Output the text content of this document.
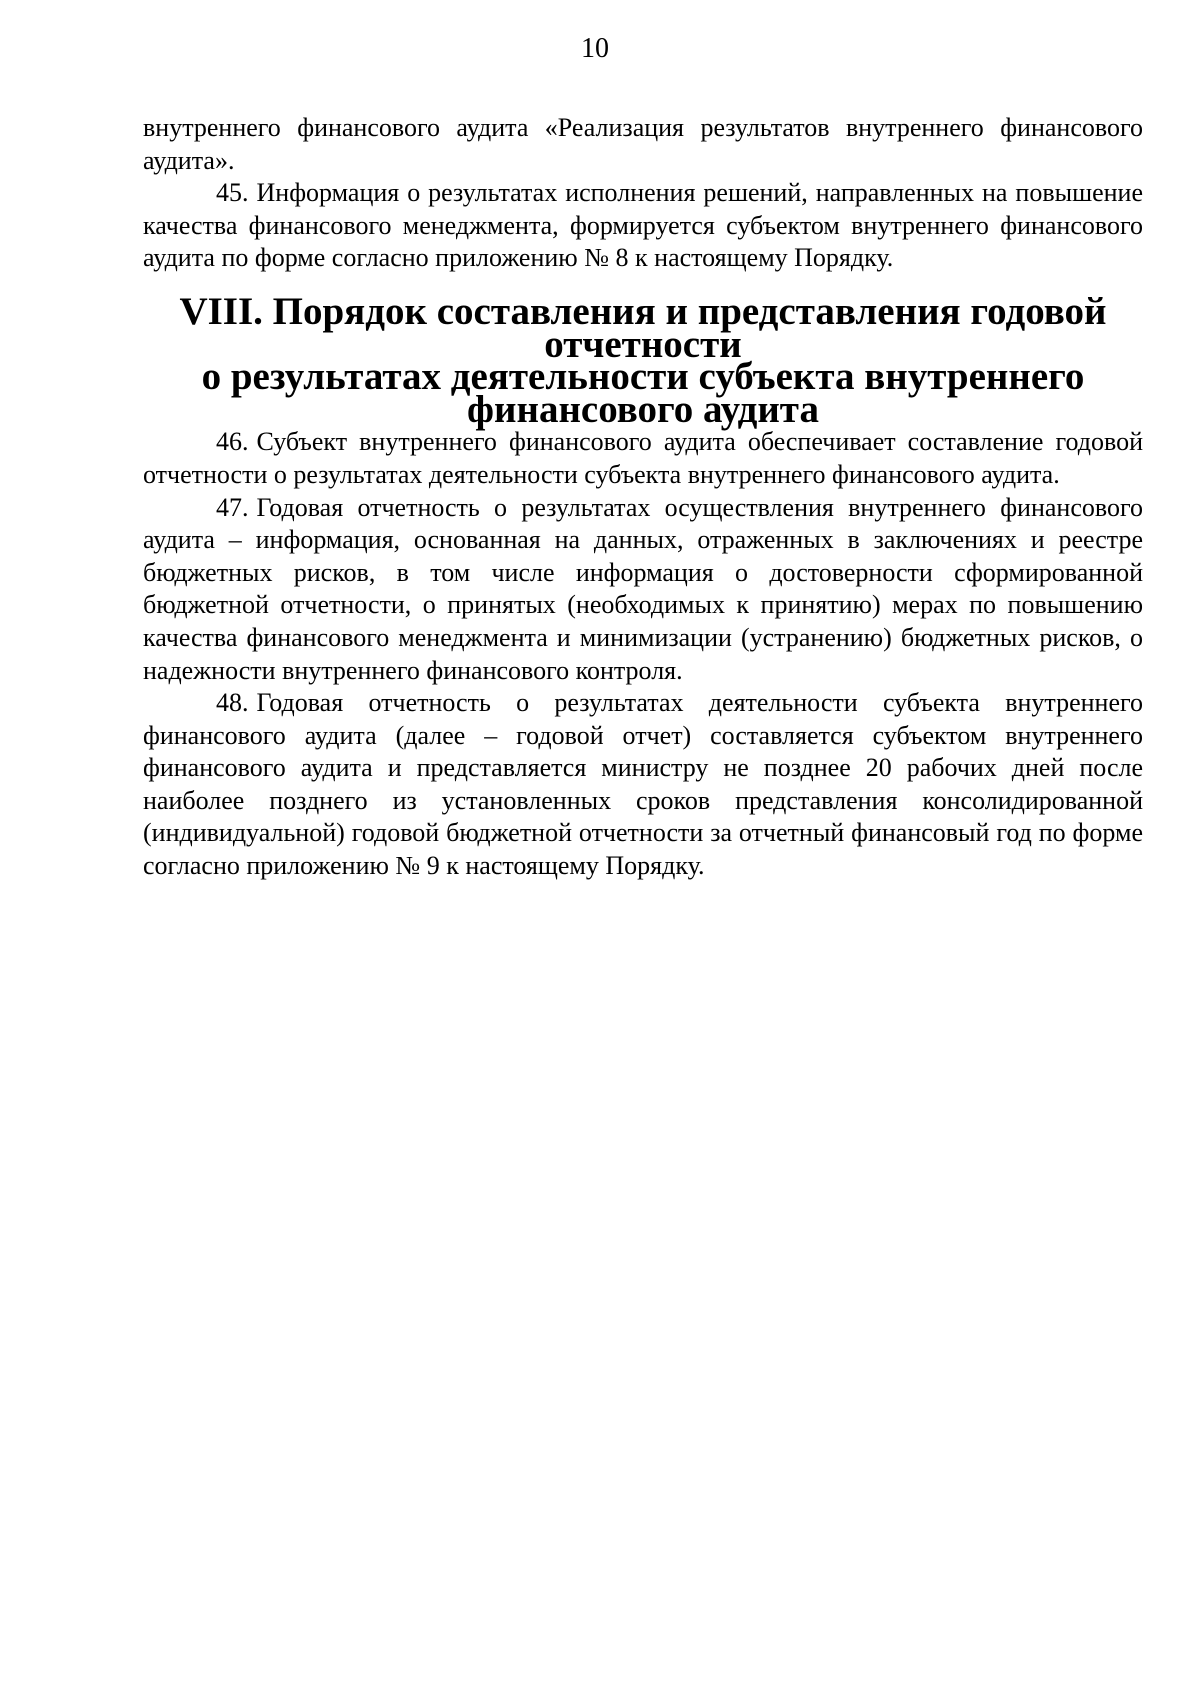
10

внутреннего финансового аудита «Реализация результатов внутреннего финансового аудита».

45. Информация о результатах исполнения решений, направленных на повышение качества финансового менеджмента, формируется субъектом внутреннего финансового аудита по форме согласно приложению № 8 к настоящему Порядку.

VIII. Порядок составления и представления годовой отчетности
о результатах деятельности субъекта внутреннего финансового аудита

46. Субъект внутреннего финансового аудита обеспечивает составление годовой отчетности о результатах деятельности субъекта внутреннего финансового аудита.

47. Годовая отчетность о результатах осуществления внутреннего финансового аудита – информация, основанная на данных, отраженных в заключениях и реестре бюджетных рисков, в том числе информация о достоверности сформированной бюджетной отчетности, о принятых (необходимых к принятию) мерах по повышению качества финансового менеджмента и минимизации (устранению) бюджетных рисков, о надежности внутреннего финансового контроля.

48. Годовая отчетность о результатах деятельности субъекта внутреннего финансового аудита (далее – годовой отчет) составляется субъектом внутреннего финансового аудита и представляется министру не позднее 20 рабочих дней после наиболее позднего из установленных сроков представления консолидированной (индивидуальной) годовой бюджетной отчетности за отчетный финансовый год по форме согласно приложению № 9 к настоящему Порядку.
